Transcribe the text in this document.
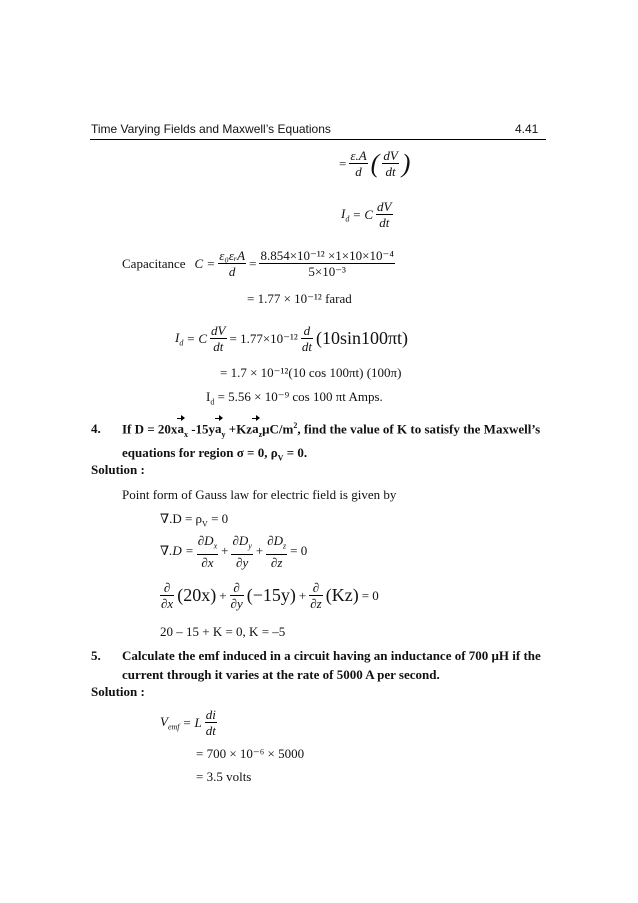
Time Varying Fields and Maxwell’s Equations	4.41
= $\frac{\varepsilon.A}{d}$ ( $\frac{dV}{dt}$ )
$I_d = C \frac{dV}{dt}$
Capacitance $C = \frac{\text{ε₀εᵣA}}{d} = \frac{\text{8.854×10⁻¹² ×1×10×10⁻⁴}}{\text{5×10⁻³}}$
= 1.77 × 10⁻¹² farad
$I_d = C \frac{dV}{dt} = 1.77\times 10^{-12} \frac{d}{dt} (10\sin 100\pi t)$
= 1.7 × 10⁻¹²(10 cos 100πt) (100π)
$I_d = 5.56 \times 10^{-9}$ cos 100 πt Amps.
4. If $D = 20xa_x$ $-15ya_y +Kza_z\mu C/m^2$, find the value of K to satisfy the Maxwell’s
equations for region σ = 0, $\rho_V = 0$.
Solution :
Point form of Gauss law for electric field is given by
$\nabla.D = \rho_V = 0$
$\nabla.D = \frac{\partial D_x}{\partial x} + \frac{\partial D_y}{\partial y} + \frac{\partial D_z}{\partial z} = 0$
$\frac{\partial}{\partial x} (20x) + \frac{\partial}{\partial y} (-15y) + \frac{\partial}{\partial z} (Kz) = 0$
20 – 15 + K = 0, K = –5
5. Calculate the emf induced in a circuit having an inductance of 700 μH if the
current through it varies at the rate of 5000 A per second.
Solution :
$V_{emf} = L \frac{di}{dt}$
= 700 × 10⁻⁶ × 5000
= 3.5 volts
